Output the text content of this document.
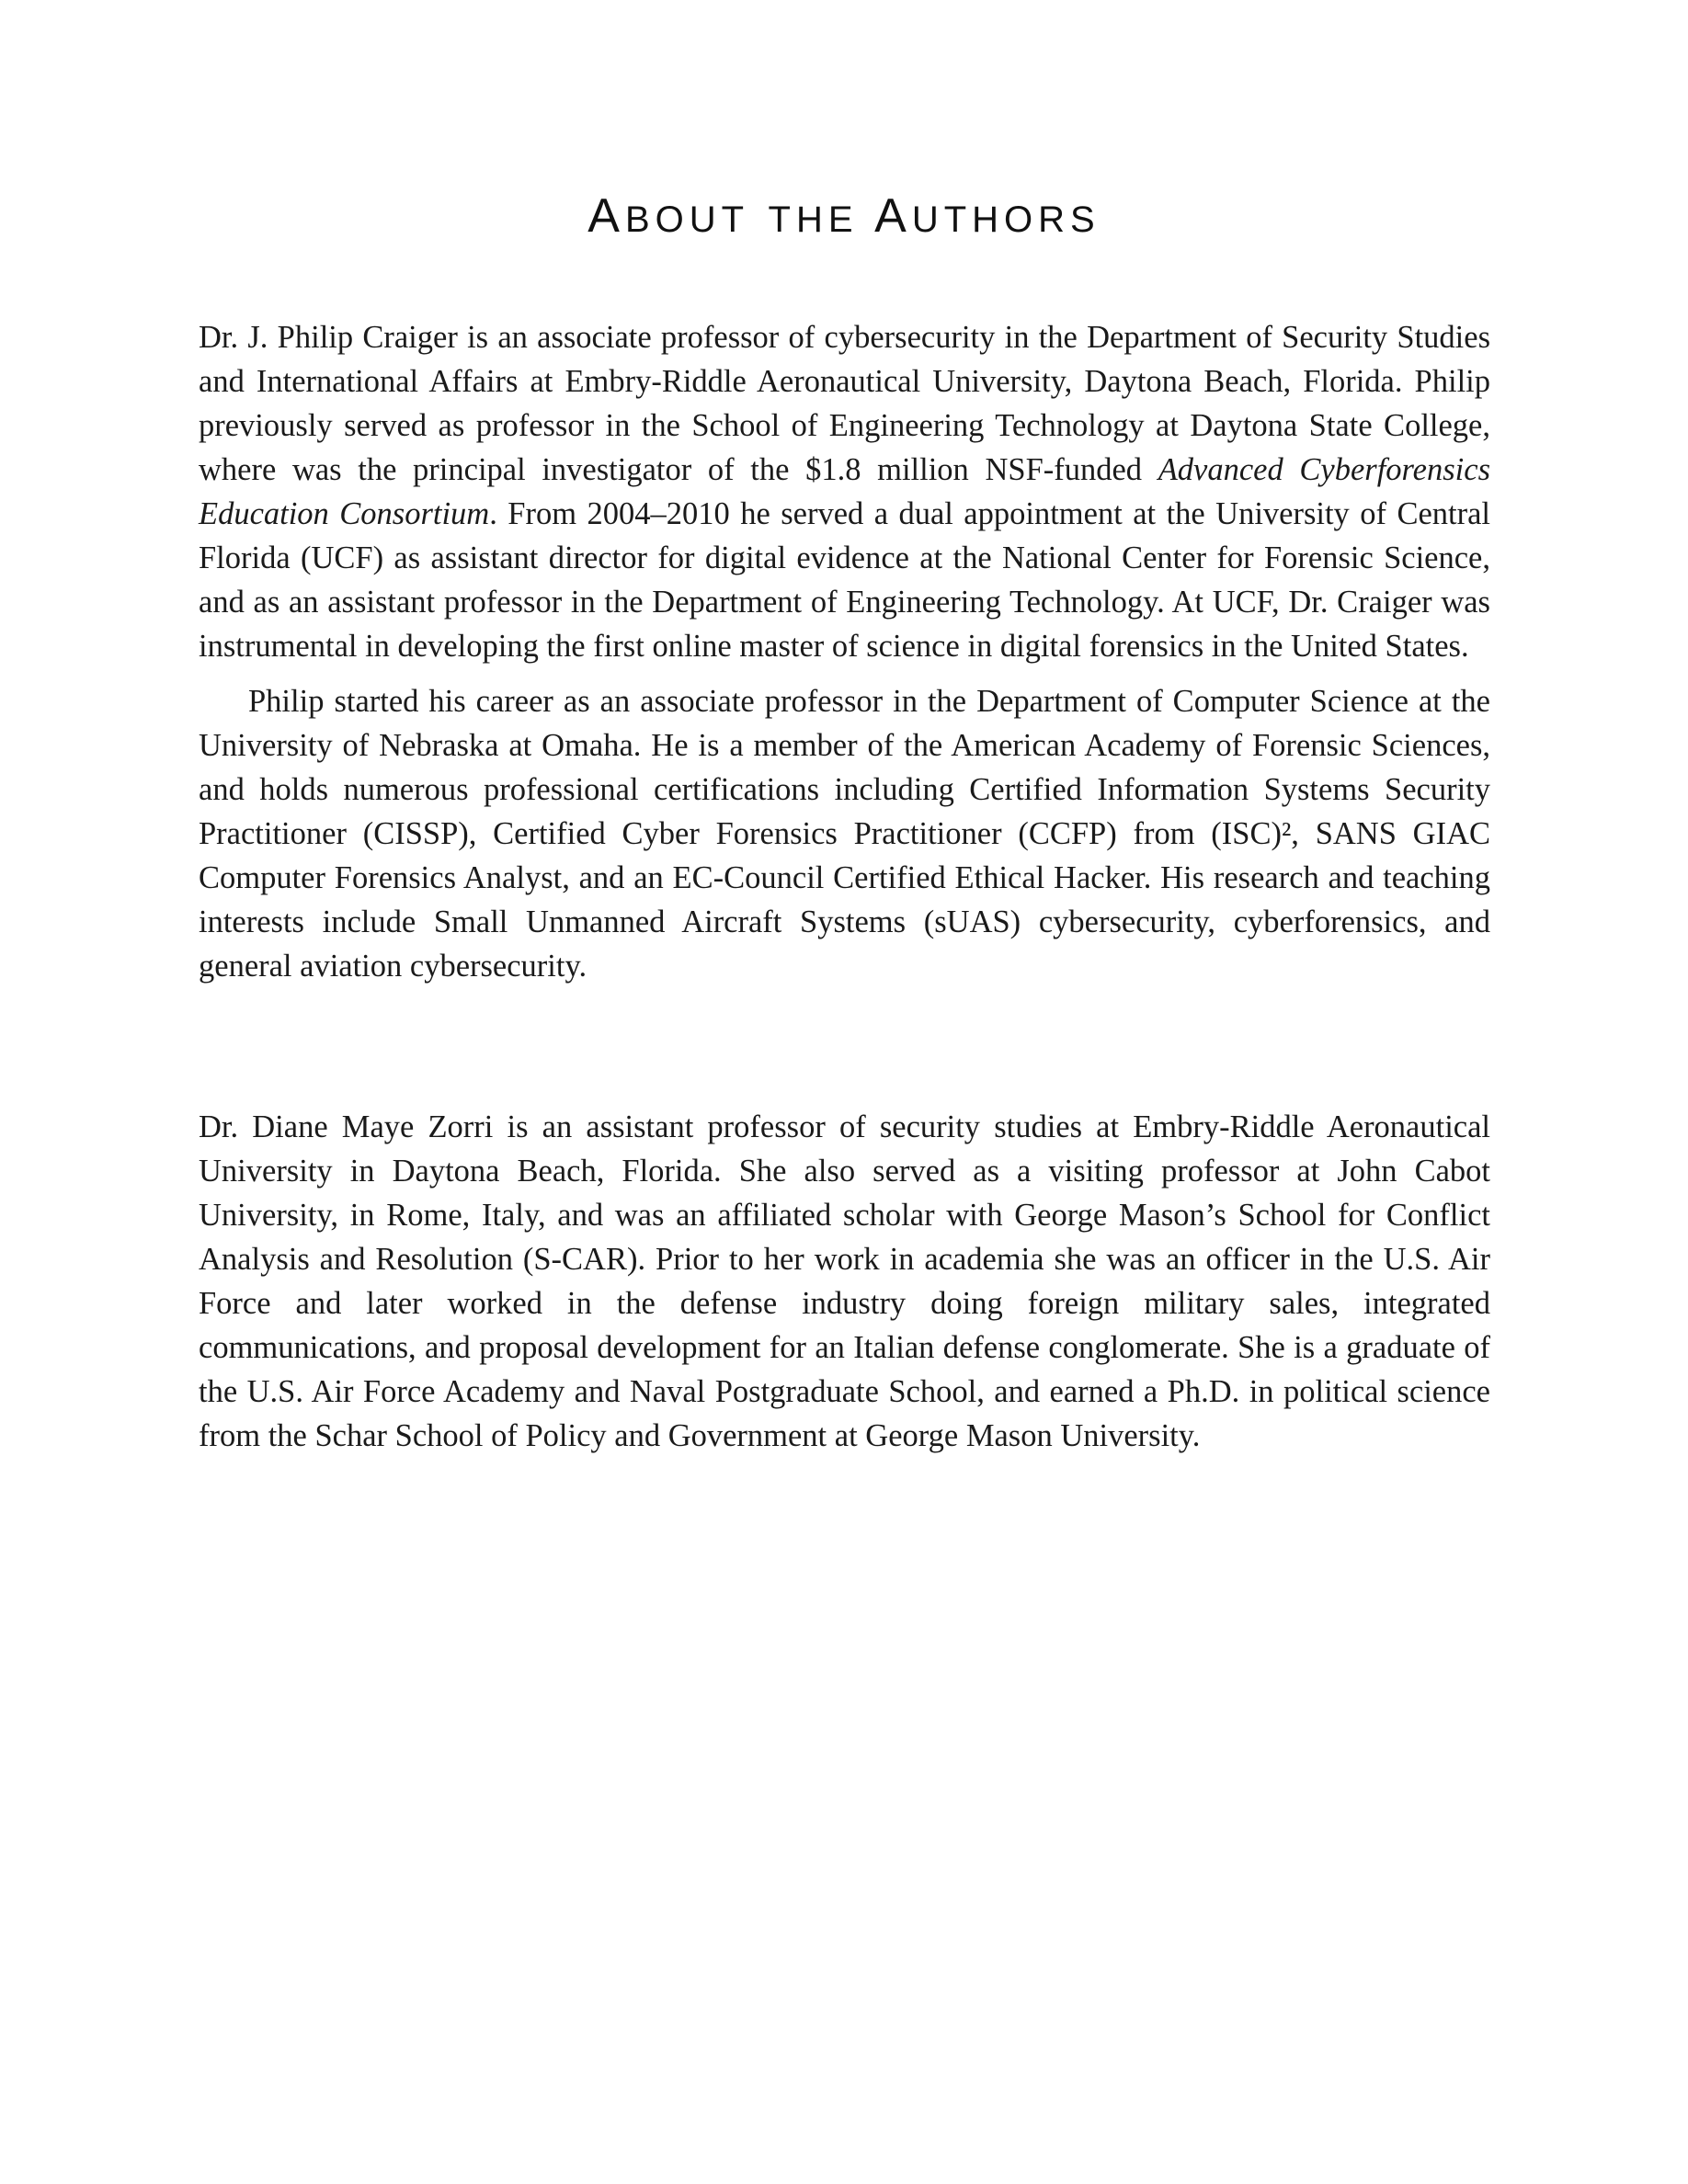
ABOUT THE AUTHORS

Dr. J. Philip Craiger is an associate professor of cybersecurity in the Department of Security Studies and International Affairs at Embry-Riddle Aeronautical University, Daytona Beach, Florida. Philip previously served as professor in the School of Engineering Technology at Daytona State College, where was the principal investigator of the $1.8 million NSF-funded Advanced Cyberforensics Education Consortium. From 2004–2010 he served a dual appointment at the University of Central Florida (UCF) as assistant director for digital evidence at the National Center for Forensic Science, and as an assistant professor in the Department of Engineering Technology. At UCF, Dr. Craiger was instrumental in developing the first online master of science in digital forensics in the United States.

Philip started his career as an associate professor in the Department of Computer Science at the University of Nebraska at Omaha. He is a member of the American Academy of Forensic Sciences, and holds numerous professional certifications including Certified Information Systems Security Practitioner (CISSP), Certified Cyber Forensics Practitioner (CCFP) from (ISC)², SANS GIAC Computer Forensics Analyst, and an EC-Council Certified Ethical Hacker. His research and teaching interests include Small Unmanned Aircraft Systems (sUAS) cybersecurity, cyberforensics, and general aviation cybersecurity.

Dr. Diane Maye Zorri is an assistant professor of security studies at Embry-Riddle Aeronautical University in Daytona Beach, Florida. She also served as a visiting professor at John Cabot University, in Rome, Italy, and was an affiliated scholar with George Mason’s School for Conflict Analysis and Resolution (S-CAR). Prior to her work in academia she was an officer in the U.S. Air Force and later worked in the defense industry doing foreign military sales, integrated communications, and proposal development for an Italian defense conglomerate. She is a graduate of the U.S. Air Force Academy and Naval Postgraduate School, and earned a Ph.D. in political science from the Schar School of Policy and Government at George Mason University.
